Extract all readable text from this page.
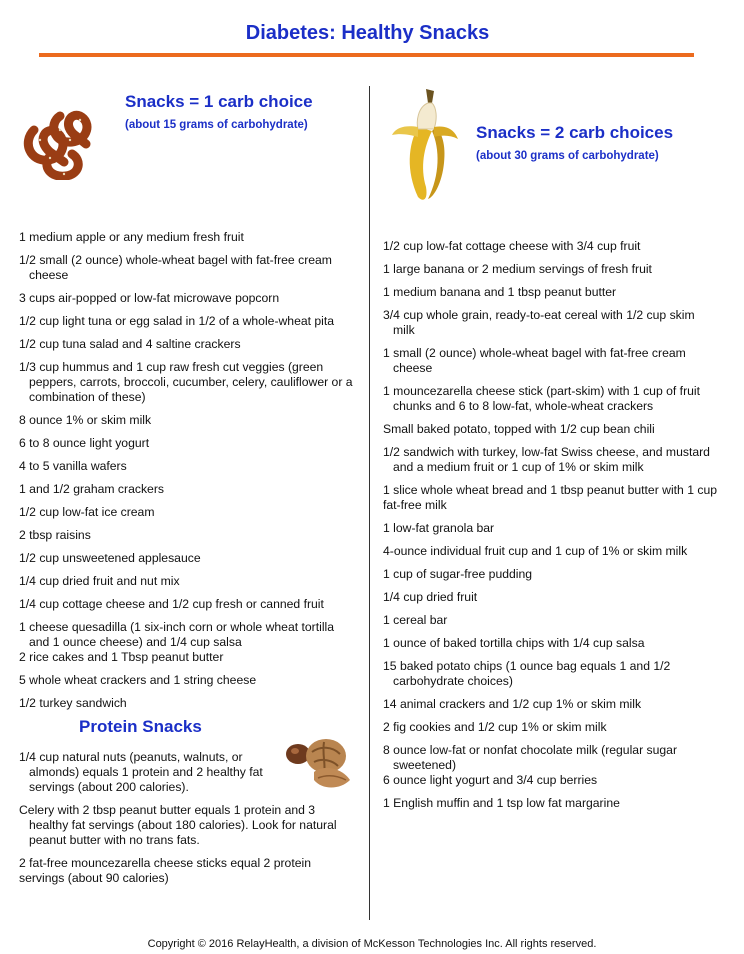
Diabetes: Healthy Snacks
Snacks = 1 carb choice
(about 15 grams of carbohydrate)
1 medium apple or any medium fresh fruit
1/2 small (2 ounce) whole-wheat bagel with fat-free cream cheese
3 cups air-popped or low-fat microwave popcorn
1/2 cup light tuna or egg salad in 1/2 of a whole-wheat pita
1/2 cup tuna salad and 4 saltine crackers
1/3 cup hummus and 1 cup raw fresh cut veggies (green peppers, carrots, broccoli, cucumber, celery, cauliflower or a combination of these)
8 ounce 1% or skim milk
6 to 8 ounce light yogurt
4 to 5 vanilla wafers
1 and 1/2 graham crackers
1/2 cup low-fat ice cream
2 tbsp raisins
1/2 cup unsweetened applesauce
1/4 cup dried fruit and nut mix
1/4 cup cottage cheese and 1/2 cup fresh or canned fruit
1 cheese quesadilla (1 six-inch corn or whole wheat tortilla and 1 ounce cheese) and 1/4 cup salsa
2 rice cakes and 1 Tbsp peanut butter
5 whole wheat crackers and 1 string cheese
1/2 turkey sandwich
Protein Snacks
1/4 cup natural nuts (peanuts, walnuts, or almonds) equals 1 protein and 2 healthy fat servings (about 200 calories).
Celery with 2 tbsp peanut butter equals 1 protein and 3 healthy fat servings (about 180 calories). Look for natural peanut butter with no trans fats.
2 fat-free mouncezarella cheese sticks equal 2 protein servings (about 90 calories)
Snacks = 2 carb choices
(about 30 grams of carbohydrate)
1/2 cup low-fat cottage cheese with 3/4 cup fruit
1 large banana or 2 medium servings of fresh fruit
1 medium banana and 1 tbsp peanut butter
3/4 cup whole grain, ready-to-eat cereal with 1/2 cup skim milk
1 small (2 ounce) whole-wheat bagel with fat-free cream cheese
1 mouncezarella cheese stick (part-skim) with 1 cup of fruit chunks and 6 to 8 low-fat, whole-wheat crackers
Small baked potato, topped with 1/2 cup bean chili
1/2 sandwich with turkey, low-fat Swiss cheese, and mustard and a medium fruit or 1 cup of 1% or skim milk
1 slice whole wheat bread and 1 tbsp peanut butter with 1 cup fat-free milk
1 low-fat granola bar
4-ounce individual fruit cup and 1 cup of 1% or skim milk
1 cup of sugar-free pudding
1/4 cup dried fruit
1 cereal bar
1 ounce of baked tortilla chips with 1/4 cup salsa
15 baked potato chips (1 ounce bag equals 1 and 1/2 carbohydrate choices)
14 animal crackers and 1/2 cup 1% or skim milk
2 fig cookies and 1/2 cup 1% or skim milk
8 ounce low-fat or nonfat chocolate milk (regular sugar sweetened)
6 ounce light yogurt and 3/4 cup berries
1 English muffin and 1 tsp low fat margarine
Copyright © 2016 RelayHealth, a division of McKesson Technologies Inc. All rights reserved.
